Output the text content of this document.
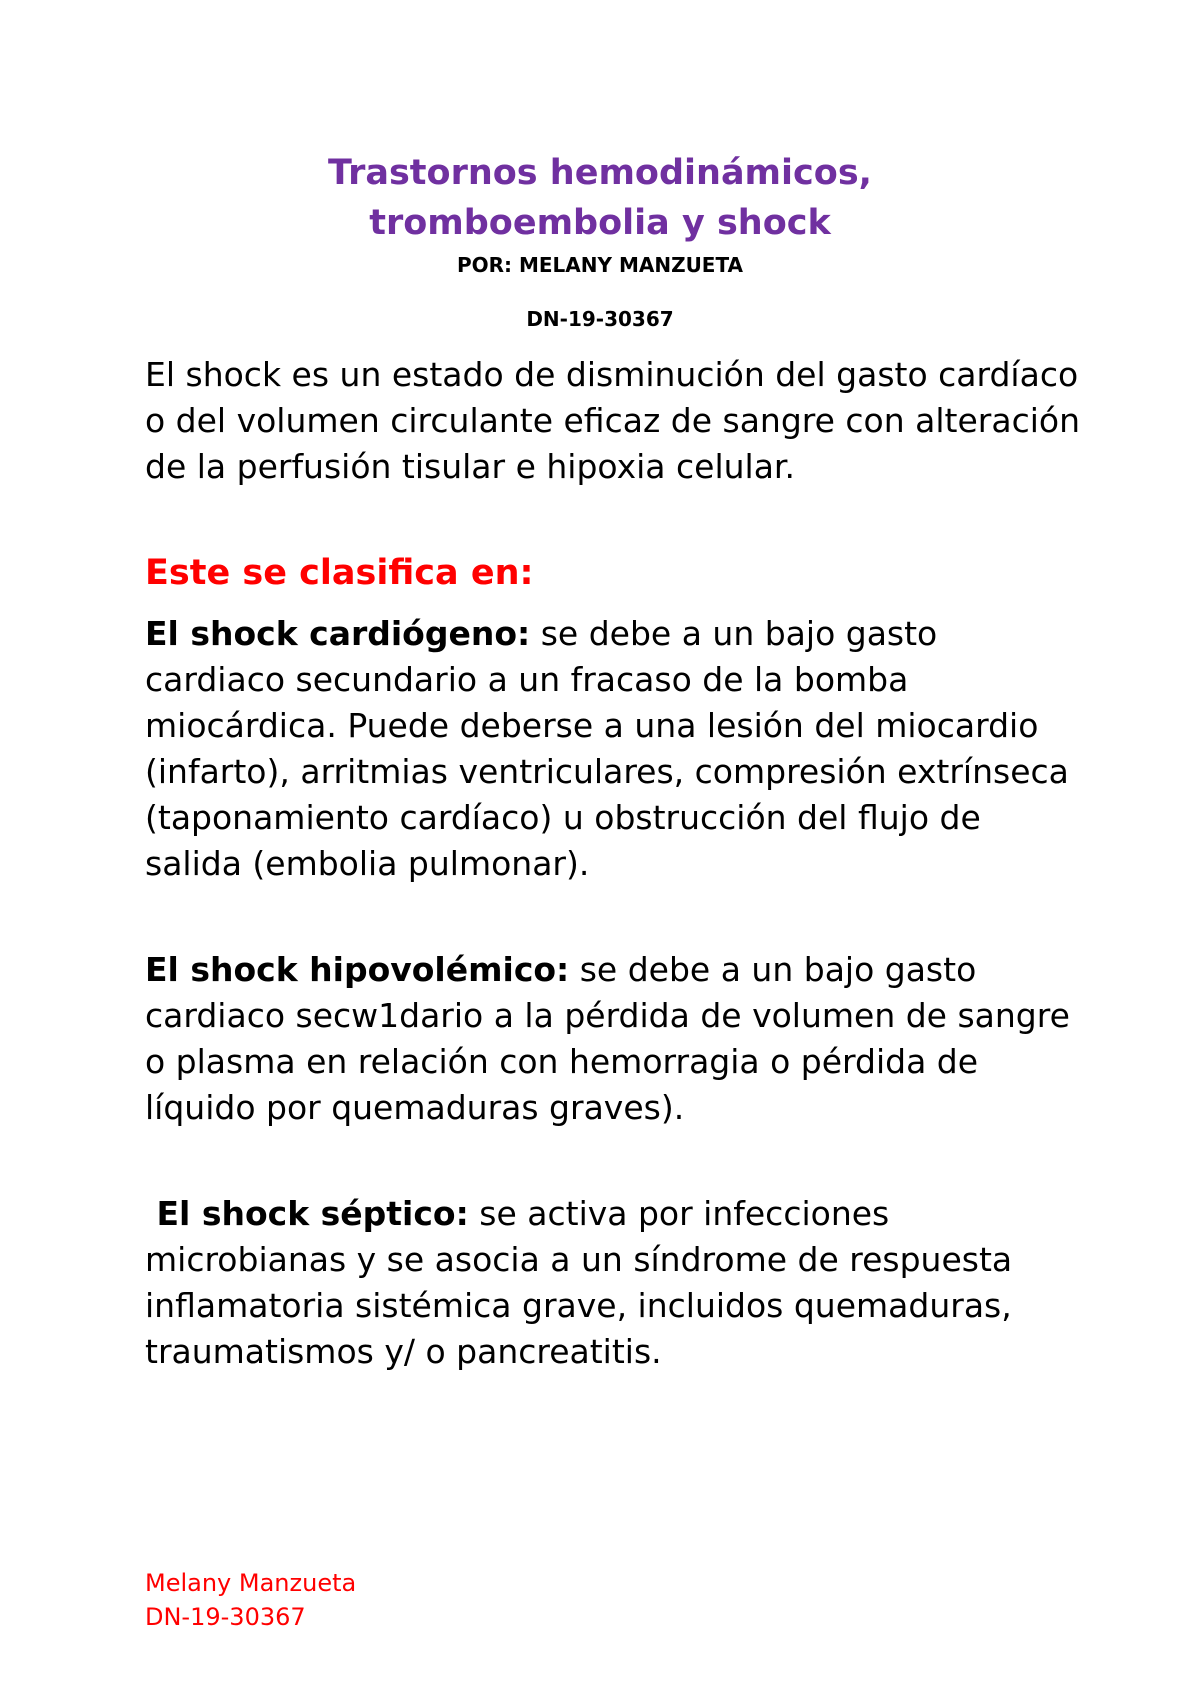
Trastornos hemodinámicos,
tromboembolia y shock
POR: MELANY MANZUETA
DN-19-30367
El shock es un estado de disminución del gasto cardíaco o del volumen circulante eficaz de sangre con alteración de la perfusión tisular e hipoxia celular.
Este se clasifica en:
El shock cardiógeno: se debe a un bajo gasto cardiaco secundario a un fracaso de la bomba miocárdica. Puede deberse a una lesión del miocardio (infarto), arritmias ventriculares, compresión extrínseca (taponamiento cardíaco) u obstrucción del flujo de salida (embolia pulmonar).
El shock hipovolémico: se debe a un bajo gasto cardiaco secw1dario a la pérdida de volumen de sangre o plasma en relación con hemorragia o pérdida de líquido por quemaduras graves).
El shock séptico: se activa por infecciones microbianas y se asocia a un síndrome de respuesta inflamatoria sistémica grave, incluidos quemaduras, traumatismos y/ o pancreatitis.
Melany Manzueta
DN-19-30367
